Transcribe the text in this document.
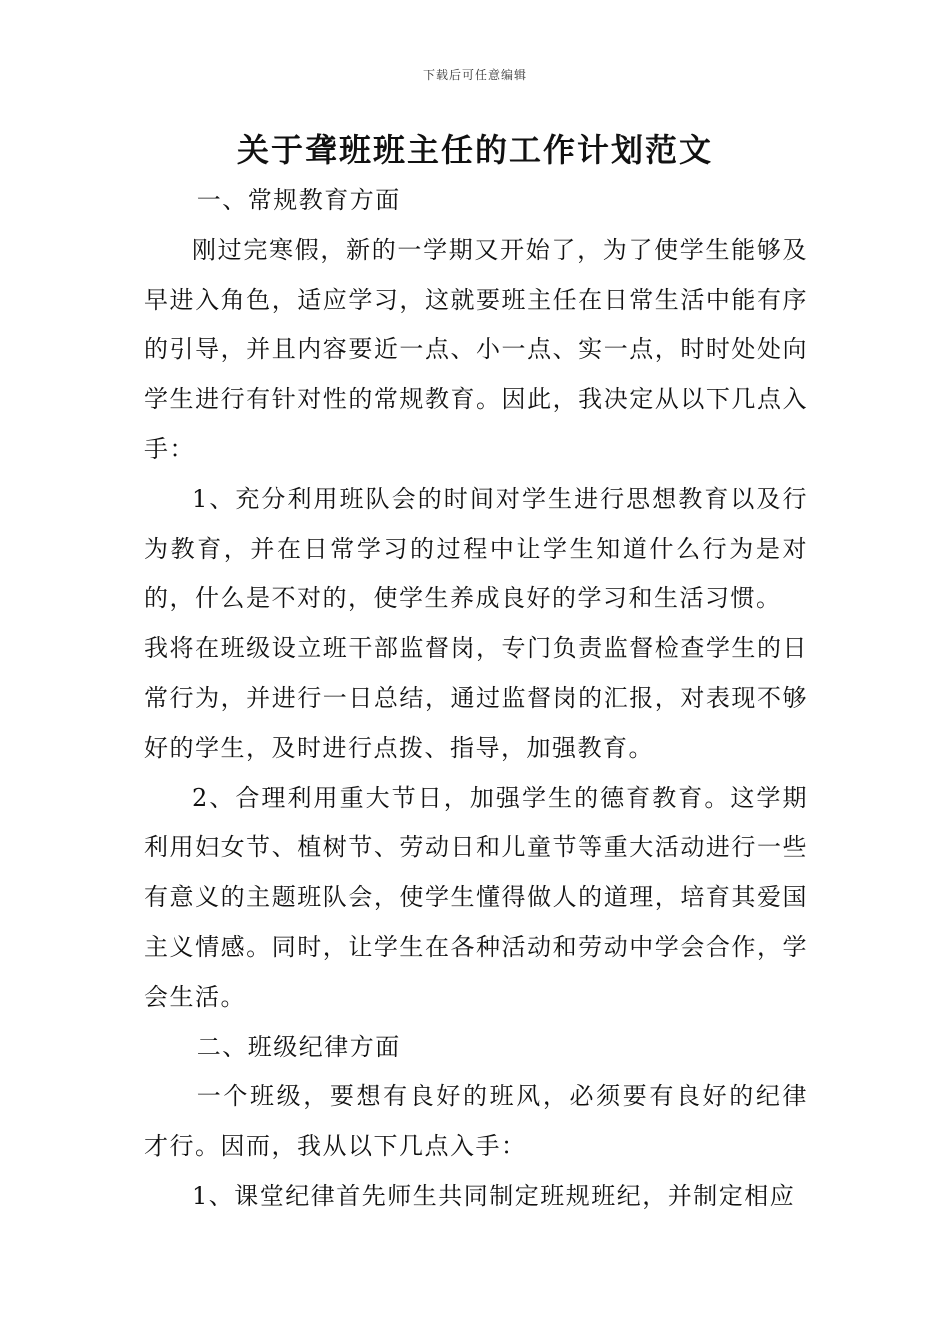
下载后可任意编辑
关于聋班班主任的工作计划范文

一、常规教育方面

刚过完寒假，新的一学期又开始了，为了使学生能够及早进入角色，适应学习，这就要班主任在日常生活中能有序的引导，并且内容要近一点、小一点、实一点，时时处处向学生进行有针对性的常规教育。因此，我决定从以下几点入手：

1、充分利用班队会的时间对学生进行思想教育以及行为教育，并在日常学习的过程中让学生知道什么行为是对的，什么是不对的，使学生养成良好的学习和生活习惯。

我将在班级设立班干部监督岗，专门负责监督检查学生的日常行为，并进行一日总结，通过监督岗的汇报，对表现不够好的学生，及时进行点拨、指导，加强教育。

2、合理利用重大节日，加强学生的德育教育。这学期利用妇女节、植树节、劳动日和儿童节等重大活动进行一些有意义的主题班队会，使学生懂得做人的道理，培育其爱国主义情感。同时，让学生在各种活动和劳动中学会合作，学会生活。

二、班级纪律方面

一个班级，要想有良好的班风，必须要有良好的纪律才行。因而，我从以下几点入手：

1、课堂纪律首先师生共同制定班规班纪，并制定相应
